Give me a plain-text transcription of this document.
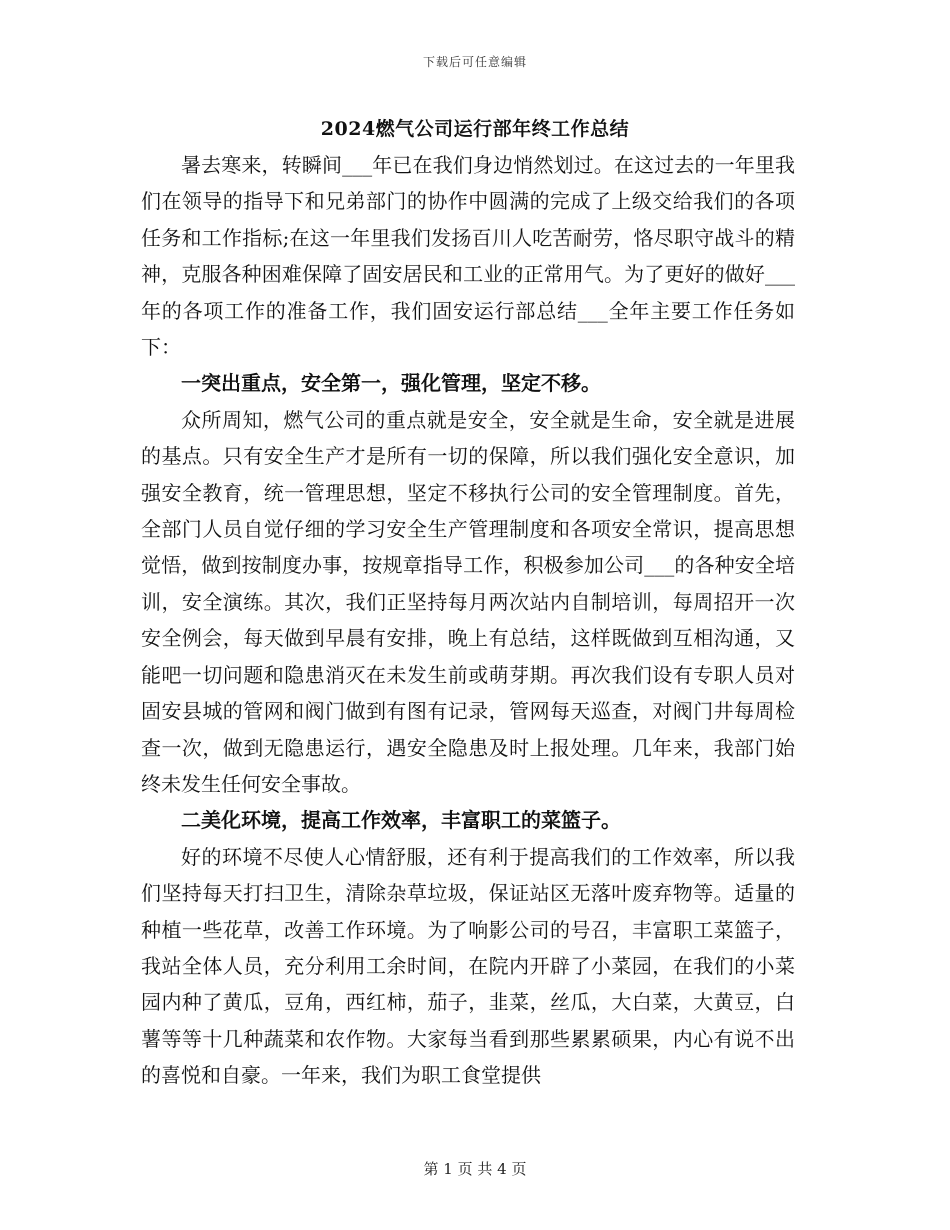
下载后可任意编辑
2024燃气公司运行部年终工作总结

暑去寒来，转瞬间___年已在我们身边悄然划过。在这过去的一年里我们在领导的指导下和兄弟部门的协作中圆满的完成了上级交给我们的各项任务和工作指标;在这一年里我们发扬百川人吃苦耐劳，恪尽职守战斗的精神，克服各种困难保障了固安居民和工业的正常用气。为了更好的做好___年的各项工作的准备工作，我们固安运行部总结___全年主要工作任务如下：

一突出重点，安全第一，强化管理，坚定不移。

众所周知，燃气公司的重点就是安全，安全就是生命，安全就是进展的基点。只有安全生产才是所有一切的保障，所以我们强化安全意识，加强安全教育，统一管理思想，坚定不移执行公司的安全管理制度。首先，全部门人员自觉仔细的学习安全生产管理制度和各项安全常识，提高思想觉悟，做到按制度办事，按规章指导工作，积极参加公司___的各种安全培训，安全演练。其次，我们正坚持每月两次站内自制培训，每周招开一次安全例会，每天做到早晨有安排，晚上有总结，这样既做到互相沟通，又能吧一切问题和隐患消灭在未发生前或萌芽期。再次我们设有专职人员对固安县城的管网和阀门做到有图有记录，管网每天巡查，对阀门井每周检查一次，做到无隐患运行，遇安全隐患及时上报处理。几年来，我部门始终未发生任何安全事故。

二美化环境，提高工作效率，丰富职工的菜篮子。

好的环境不尽使人心情舒服，还有利于提高我们的工作效率，所以我们坚持每天打扫卫生，清除杂草垃圾，保证站区无落叶废弃物等。适量的种植一些花草，改善工作环境。为了响影公司的号召，丰富职工菜篮子，我站全体人员，充分利用工余时间，在院内开辟了小菜园，在我们的小菜园内种了黄瓜，豆角，西红柿，茄子，韭菜，丝瓜，大白菜，大黄豆，白薯等等十几种蔬菜和农作物。大家每当看到那些累累硕果，内心有说不出的喜悦和自豪。一年来，我们为职工食堂提供

第 1 页 共 4 页
